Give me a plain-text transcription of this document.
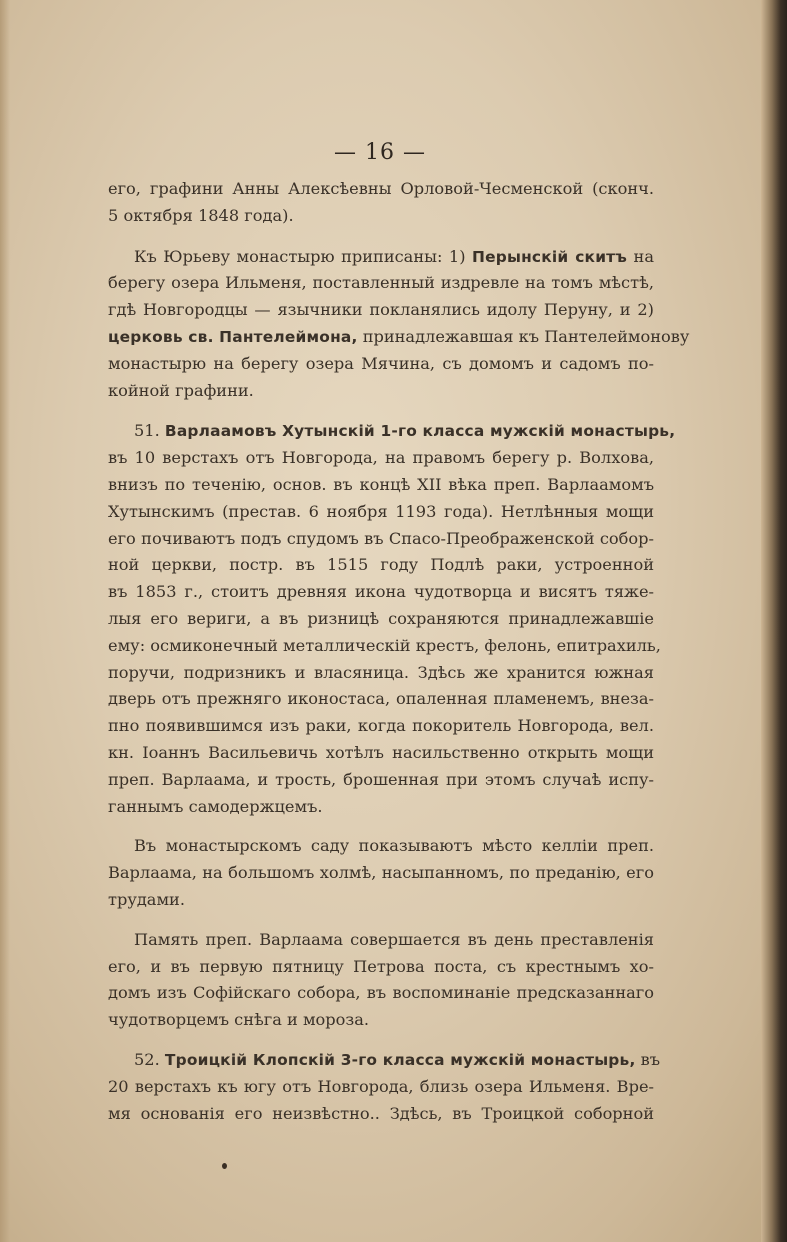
— 16 —

его, графини Анны Алексѣевны Орловой-Чесменской (сконч.
5 октября 1848 года).

Къ Юрьеву монастырю приписаны: 1) Перынскій скитъ на
берегу озера Ильменя, поставленный издревле на томъ мѣстѣ,
гдѣ Новгородцы — язычники покланялись идолу Перуну, и 2)
церковь св. Пантелеймона, принадлежавшая къ Пантелеймонову
монастырю на берегу озера Мячина, съ домомъ и садомъ по-
койной графини.

51. Варлаамовъ Хутынскій 1-го класса мужскій монастырь,
въ 10 верстахъ отъ Новгорода, на правомъ берегу р. Волхова,
внизъ по теченію, основ. въ концѣ XII вѣка преп. Варлаамомъ
Хутынскимъ (престав. 6 ноября 1193 года). Нетлѣнныя мощи
его почиваютъ подъ спудомъ въ Спасо-Преображенской собор-
ной церкви, постр. въ 1515 году Подлѣ раки, устроенной
въ 1853 г., стоитъ древняя икона чудотворца и висятъ тяже-
лыя его вериги, а въ ризницѣ сохраняются принадлежавшіе
ему: осмиконечный металлическій крестъ, фелонь, епитрахиль,
поручи, подризникъ и власяница. Здѣсь же хранится южная
дверь отъ прежняго иконостаса, опаленная пламенемъ, внеза-
пно появившимся изъ раки, когда покоритель Новгорода, вел.
кн. Іоаннъ Васильевичь хотѣлъ насильственно открыть мощи
преп. Варлаама, и трость, брошенная при этомъ случаѣ испу-
ганнымъ самодержцемъ.

Въ монастырскомъ саду показываютъ мѣсто келліи преп.
Варлаама, на большомъ холмѣ, насыпанномъ, по преданію, его
трудами.

Память преп. Варлаама совершается въ день преставленія
его, и въ первую пятницу Петрова поста, съ крестнымъ хо-
домъ изъ Софійскаго собора, въ воспоминаніе предсказаннаго
чудотворцемъ снѣга и мороза.

52. Троицкій Клопскій 3-го класса мужскій монастырь, въ
20 верстахъ къ югу отъ Новгорода, близь озера Ильменя. Вре-
мя основанія его неизвѣстно.. Здѣсь, въ Троицкой соборной
